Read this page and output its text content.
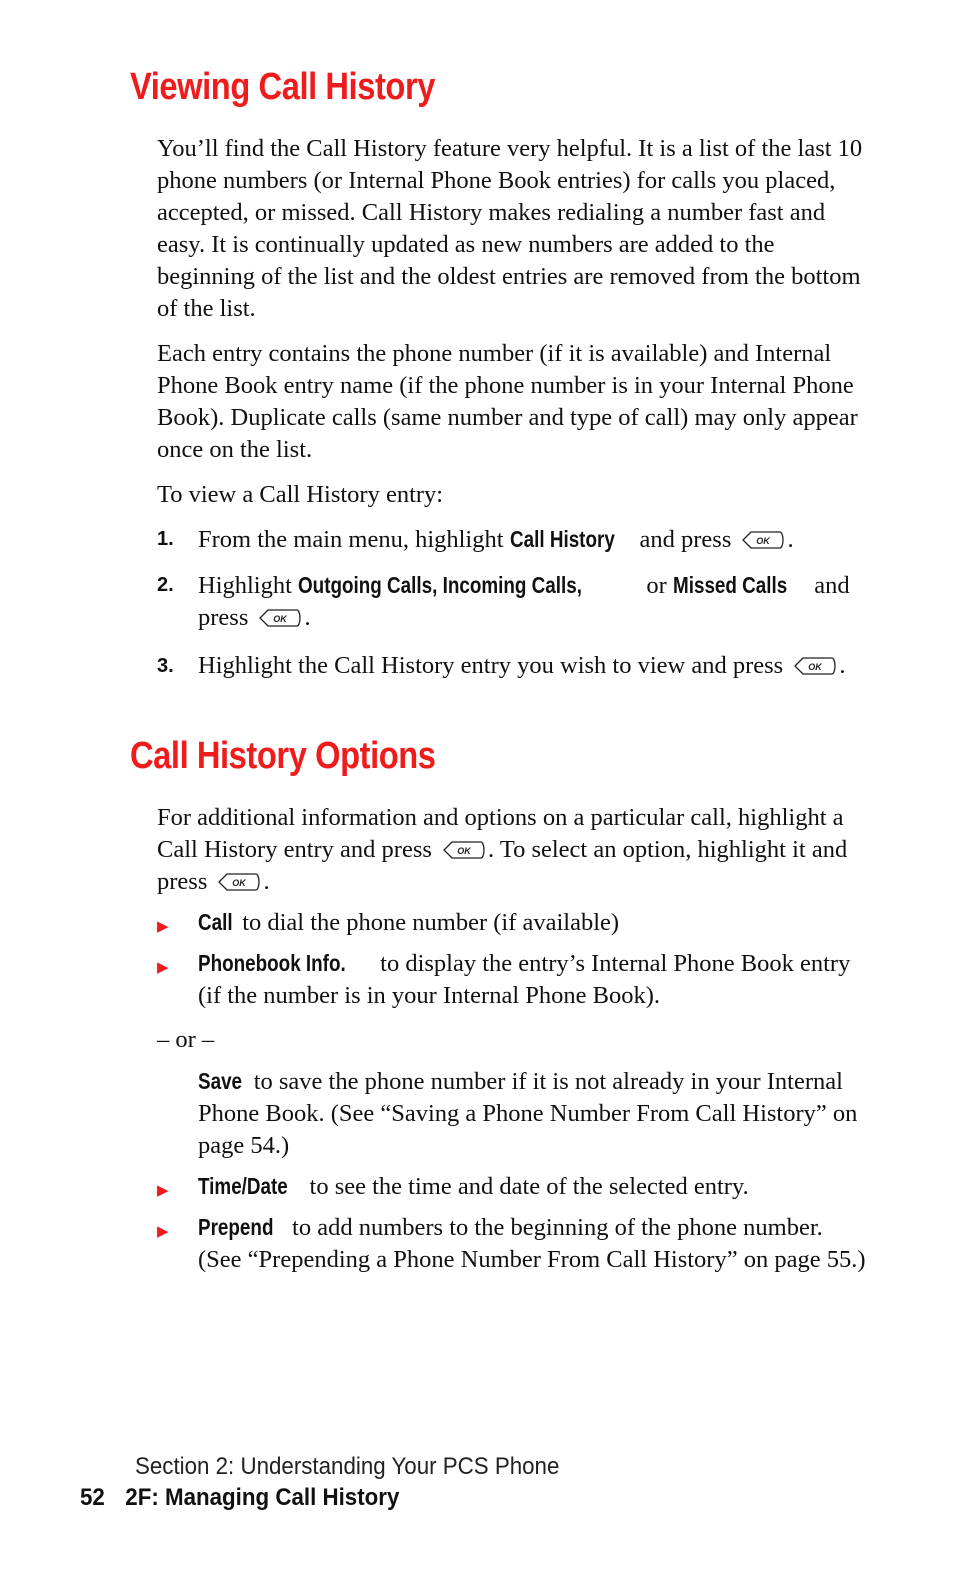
Viewing Call History

You’ll find the Call History feature very helpful. It is a list of the last 10 phone numbers (or Internal Phone Book entries) for calls you placed, accepted, or missed. Call History makes redialing a number fast and easy. It is continually updated as new numbers are added to the beginning of the list and the oldest entries are removed from the bottom of the list.

Each entry contains the phone number (if it is available) and Internal Phone Book entry name (if the phone number is in your Internal Phone Book). Duplicate calls (same number and type of call) may only appear once on the list.

To view a Call History entry:

1. From the main menu, highlight Call History and press OK .
2. Highlight Outgoing Calls, Incoming Calls, or Missed Calls and press OK .
3. Highlight the Call History entry you wish to view and press OK .
Call History Options

For additional information and options on a particular call, highlight a Call History entry and press OK . To select an option, highlight it and press OK .

▶ Call to dial the phone number (if available)
▶ Phonebook Info. to display the entry’s Internal Phone Book entry (if the number is in your Internal Phone Book).

– or –

Save to save the phone number if it is not already in your Internal Phone Book. (See “Saving a Phone Number From Call History” on page 54.)
▶ Time/Date to see the time and date of the selected entry.
▶ Prepend to add numbers to the beginning of the phone number. (See “Prepending a Phone Number From Call History” on page 55.)

Section 2: Understanding Your PCS Phone

52 2F: Managing Call History
